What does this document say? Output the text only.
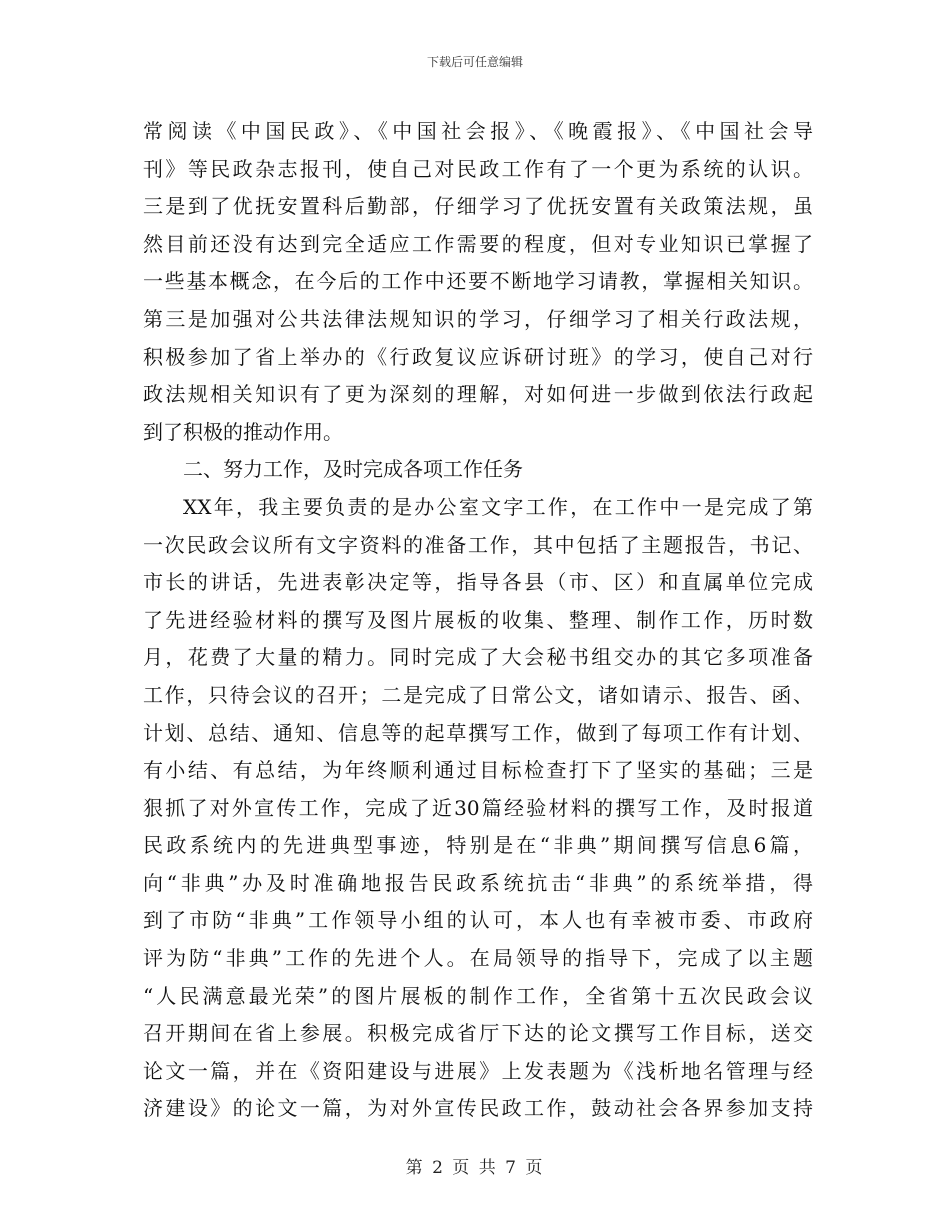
下载后可任意编辑
常阅读《中国民政》、《中国社会报》、《晚霞报》、《中国社会导
刊》等民政杂志报刊，使自己对民政工作有了一个更为系统的认识。
三是到了优抚安置科后勤部，仔细学习了优抚安置有关政策法规，虽
然目前还没有达到完全适应工作需要的程度，但对专业知识已掌握了
一些基本概念，在今后的工作中还要不断地学习请教，掌握相关知识。
第三是加强对公共法律法规知识的学习，仔细学习了相关行政法规，
积极参加了省上举办的《行政复议应诉研讨班》的学习，使自己对行
政法规相关知识有了更为深刻的理解，对如何进一步做到依法行政起
到了积极的推动作用。
二、努力工作，及时完成各项工作任务
XX年，我主要负责的是办公室文字工作，在工作中一是完成了第
一次民政会议所有文字资料的准备工作，其中包括了主题报告，书记、
市长的讲话，先进表彰决定等，指导各县（市、区）和直属单位完成
了先进经验材料的撰写及图片展板的收集、整理、制作工作，历时数
月，花费了大量的精力。同时完成了大会秘书组交办的其它多项准备
工作，只待会议的召开；二是完成了日常公文，诸如请示、报告、函、
计划、总结、通知、信息等的起草撰写工作，做到了每项工作有计划、
有小结、有总结，为年终顺利通过目标检查打下了坚实的基础；三是
狠抓了对外宣传工作，完成了近30篇经验材料的撰写工作，及时报道
民政系统内的先进典型事迹，特别是在“非典”期间撰写信息6篇，
向“非典”办及时准确地报告民政系统抗击“非典”的系统举措，得
到了市防“非典”工作领导小组的认可，本人也有幸被市委、市政府
评为防“非典”工作的先进个人。在局领导的指导下，完成了以主题
“人民满意最光荣”的图片展板的制作工作，全省第十五次民政会议
召开期间在省上参展。积极完成省厅下达的论文撰写工作目标，送交
论文一篇，并在《资阳建设与进展》上发表题为《浅析地名管理与经
济建设》的论文一篇，为对外宣传民政工作，鼓动社会各界参加支持
第 2 页 共 7 页
